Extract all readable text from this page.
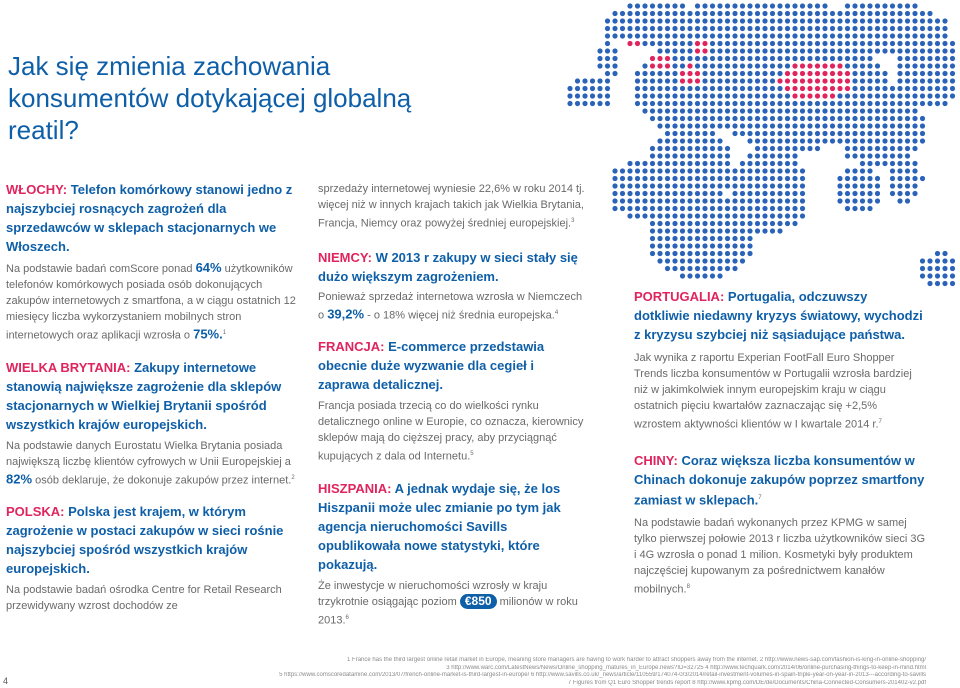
Jak się zmienia zachowania konsumentów dotykającej globalną reatil?

WŁOCHY: Telefon komórkowy stanowi jedno z najszybciej rosnących zagrożeń dla sprzedawców w sklepach stacjonarnych we Włoszech.

Na podstawie badań comScore ponad 64% użytkowników telefonów komórkowych posiada osób dokonujących zakupów internetowych z smartfona, a w ciągu ostatnich 12 miesięcy liczba wykorzystaniem mobilnych stron internetowych oraz aplikacji wzrosła o 75%.$^1$

WIELKA BRYTANIA: Zakupy internetowe stanowią największe zagrożenie dla sklepów stacjonarnych w Wielkiej Brytanii spośród wszystkich krajów europejskich.

Na podstawie danych Eurostatu Wielka Brytania posiada największą liczbę klientów cyfrowych w Unii Europejskiej a 82% osób deklaruje, że dokonuje zakupów przez internet.$^2$

POLSKA: Polska jest krajem, w którym zagrożenie w postaci zakupów w sieci rośnie najszybciej spośród wszystkich krajów europejskich.

Na podstawie badań ośrodka Centre for Retail Research przewidywany wzrost dochodów ze

sprzedaży internetowej wyniesie 22,6% w roku 2014 tj. więcej niż w innych krajach takich jak Wielkia Brytania, Francja, Niemcy oraz powyżej średniej europejskiej.$^3$

NIEMCY: W 2013 r zakupy w sieci stały się dużo większym zagrożeniem.

Ponieważ sprzedaż internetowa wzrosła w Niemczech o 39,2% - o 18% więcej niż średnia europejska.$^4$

FRANCJA: E-commerce przedstawia obecnie duże wyzwanie dla cegieł i zaprawa detalicznej.

Francja posiada trzecią co do wielkości rynku detalicznego online w Europie, co oznacza, kierownicy sklepów mają do cięższej pracy, aby przyciągnąć kupujących z dala od Internetu.$^5$

HISZPANIA: A jednak wydaje się, że los Hiszpanii może ulec zmianie po tym jak agencja nieruchomości Savills opublikowała nowe statystyki, które pokazują.

Że inwestycje w nieruchomości wzrosły w kraju trzykrotnie osiągając poziom €850 milionów w roku 2013.$^6$

PORTUGALIA: Portugalia, odczuwszy dotkliwie niedawny kryzys światowy, wychodzi z kryzysu szybciej niż sąsiadujące państwa.

Jak wynika z raportu Experian FootFall Euro Shopper Trends liczba konsumentów w Portugalii wzrosła bardziej niż w jakimkolwiek innym europejskim kraju w ciągu ostatnich pięciu kwartałów zaznaczając się +2,5% wzrostem aktywności klientów w I kwartale 2014 r.$^7$

CHINY: Coraz większa liczba konsumentów w Chinach dokonuje zakupów poprzez smartfony zamiast w sklepach.$^7$

Na podstawie badań wykonanych przez KPMG w samej tylko pierwszej połowie 2013 r liczba użytkowników sieci 3G i 4G wzrosła o ponad 1 milion. Kosmetyki były produktem najczęściej kupowanym za pośrednictwem kanałów mobilnych.$^8$

1 France has the third largest online retail market in Europe, meaning store managers are having to work harder to attract shoppers away from the internet. 2 http://www.news-sap.com/fashion-is-king-in-online-shopping/
3 http://www.warc.com/LatestNews/News/Online_shopping_matures_in_Europe.news?ID=32725 4 http://www.techquark.com/2014/06/online-purchasing-things-to-keep-in-mind.html
5 https://www.comscoredatamine.com/2013/07/french-online-market-is-third-largest-in-europe/ 6 http://www.savills.co.uk/_news/article/110559/174074-0/3/2014/retail-investment-volumes-in-spain-triple-year-on-year-in-2013---according-to-savills
7 Figures from Q1 Euro Shopper trends report 8 http://www.kpmg.com/DE/de/Documents/China-Connected-Consumers-201402-v2.pdf
4
